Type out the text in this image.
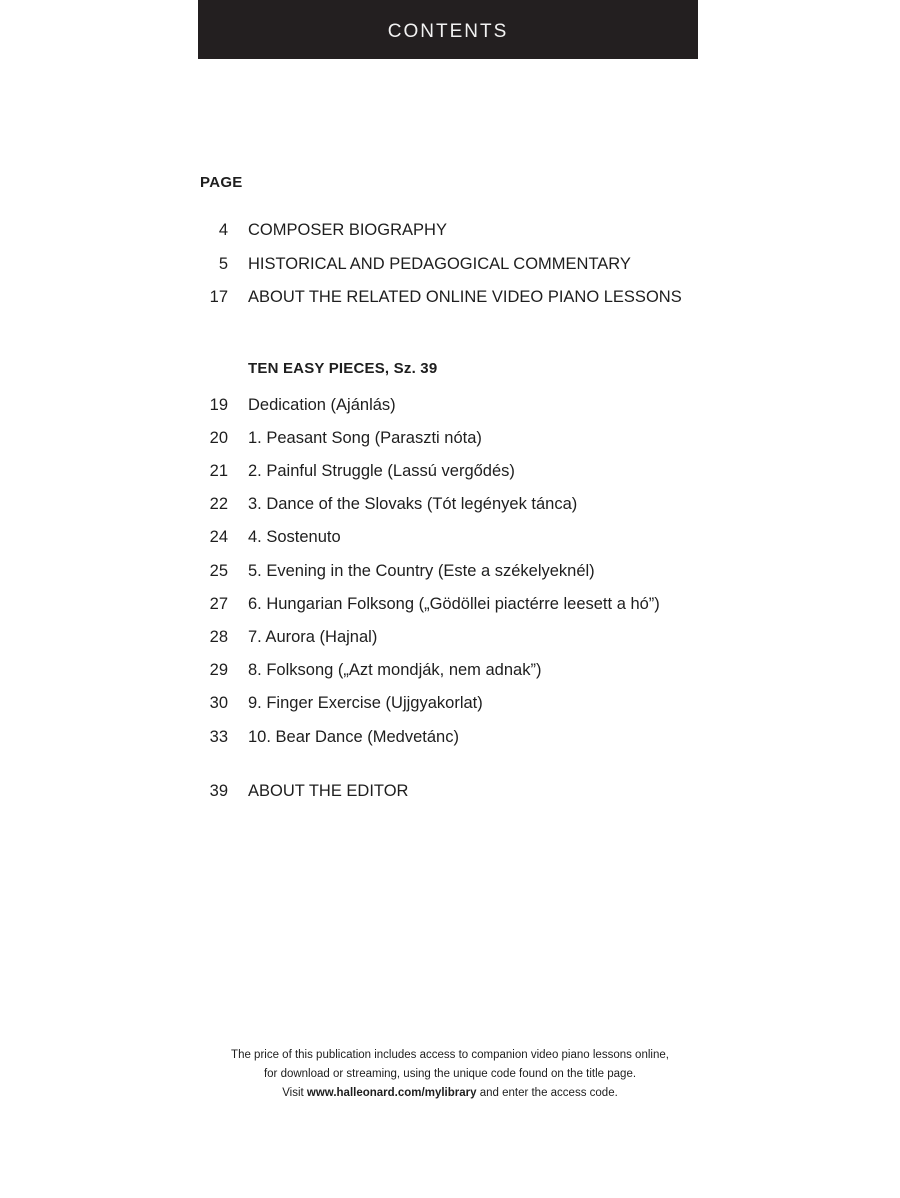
CONTENTS
PAGE
4 COMPOSER BIOGRAPHY
5 HISTORICAL AND PEDAGOGICAL COMMENTARY
17 ABOUT THE RELATED ONLINE VIDEO PIANO LESSONS
TEN EASY PIECES, Sz. 39
19 Dedication (Ajánlás)
20 1. Peasant Song (Paraszti nóta)
21 2. Painful Struggle (Lassú vergődés)
22 3. Dance of the Slovaks (Tót legények tánca)
24 4. Sostenuto
25 5. Evening in the Country (Este a székelyeknél)
27 6. Hungarian Folksong („Gödöllei piactérre leesett a hó”)
28 7. Aurora (Hajnal)
29 8. Folksong („Azt mondják, nem adnak”)
30 9. Finger Exercise (Ujjgyakorlat)
33 10. Bear Dance (Medvetánc)
39 ABOUT THE EDITOR
The price of this publication includes access to companion video piano lessons online,
for download or streaming, using the unique code found on the title page.
Visit www.halleonard.com/mylibrary and enter the access code.
